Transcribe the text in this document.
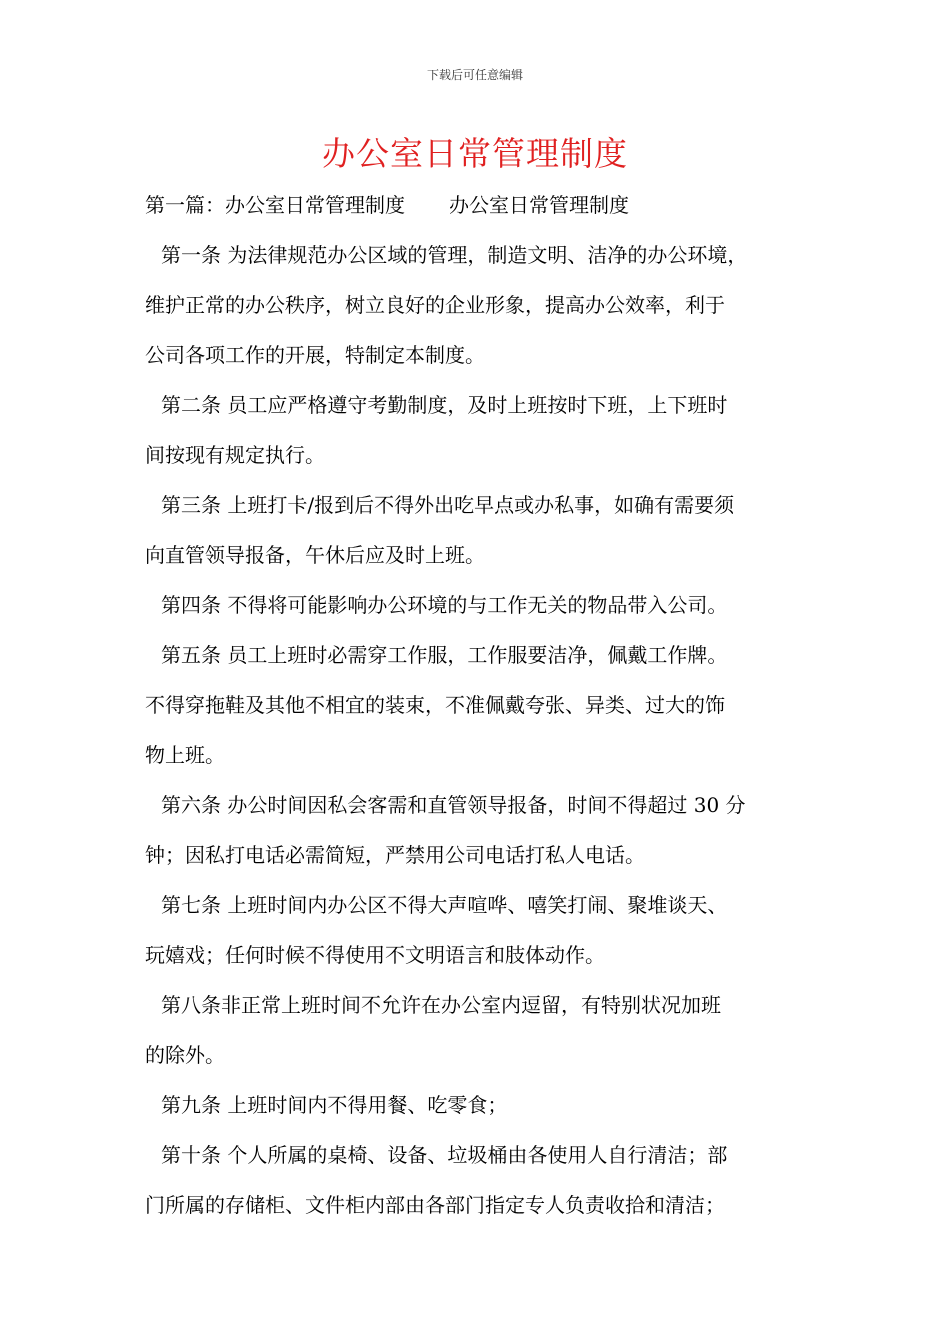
下载后可任意编辑
办公室日常管理制度
第一篇：办公室日常管理制度 办公室日常管理制度
第一条 为法律规范办公区域的管理，制造文明、洁净的办公环境，
维护正常的办公秩序，树立良好的企业形象，提高办公效率，利于
公司各项工作的开展，特制定本制度。
第二条 员工应严格遵守考勤制度，及时上班按时下班，上下班时
间按现有规定执行。
第三条 上班打卡/报到后不得外出吃早点或办私事，如确有需要须
向直管领导报备，午休后应及时上班。
第四条 不得将可能影响办公环境的与工作无关的物品带入公司。
第五条 员工上班时必需穿工作服，工作服要洁净，佩戴工作牌。
不得穿拖鞋及其他不相宜的装束，不准佩戴夸张、异类、过大的饰
物上班。
第六条 办公时间因私会客需和直管领导报备，时间不得超过 30 分
钟；因私打电话必需简短，严禁用公司电话打私人电话。
第七条 上班时间内办公区不得大声喧哗、嘻笑打闹、聚堆谈天、
玩嬉戏；任何时候不得使用不文明语言和肢体动作。
第八条非正常上班时间不允许在办公室内逗留，有特别状况加班
的除外。
第九条 上班时间内不得用餐、吃零食；
第十条 个人所属的桌椅、设备、垃圾桶由各使用人自行清洁；部
门所属的存储柜、文件柜内部由各部门指定专人负责收拾和清洁；
